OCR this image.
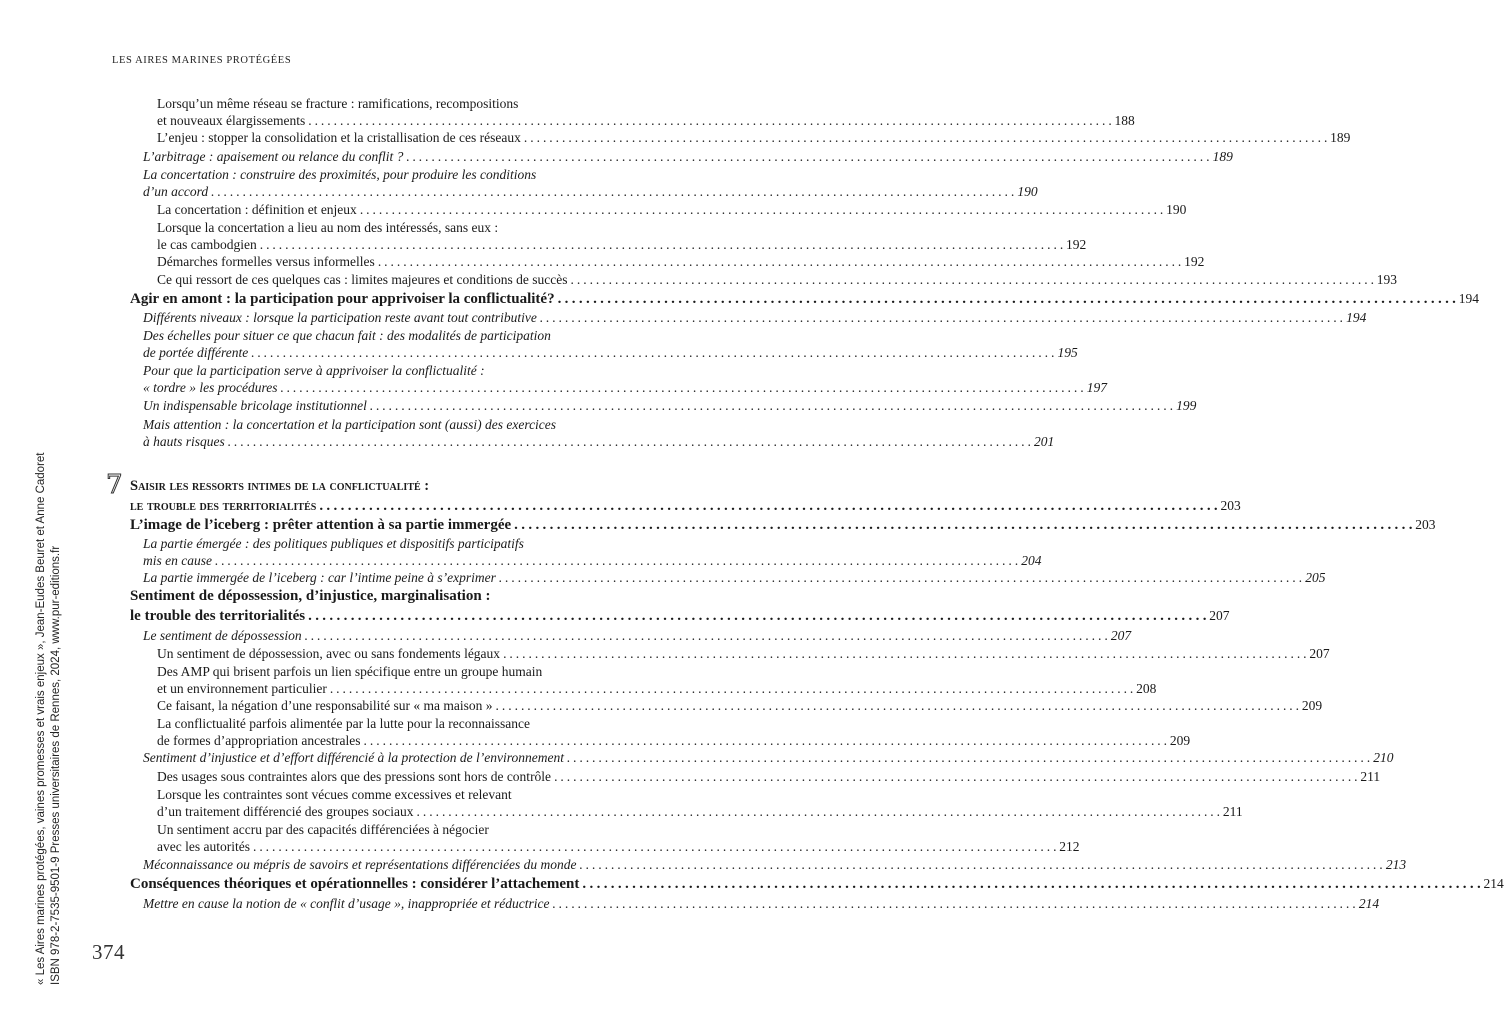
LES AIRES MARINES PROTÉGÉES
« Les Aires marines protégées, vaines promesses et vrais enjeux », Jean-Eudes Beuret et Anne Cadoret ISBN 978-2-7535-9501-9 Presses universitaires de Rennes, 2024, www.pur-editions.fr
7
Lorsqu’un même réseau se fracture : ramifications, recompositions
et nouveaux élargissements . . .	188
L’enjeu : stopper la consolidation et la cristallisation de ces réseaux . . .	189
L’arbitrage : apaisement ou relance du conflit ? . . .	189
La concertation : construire des proximités, pour produire les conditions
d’un accord . . .	190
La concertation : définition et enjeux . . .	190
Lorsque la concertation a lieu au nom des intéressés, sans eux :
le cas cambodgien . . .	192
Démarches formelles versus informelles . . .	192
Ce qui ressort de ces quelques cas : limites majeures et conditions de succès . . .	193
Agir en amont : la participation pour apprivoiser la conflictualité? . . .	194
Différents niveaux : lorsque la participation reste avant tout contributive . . .	194
Des échelles pour situer ce que chacun fait : des modalités de participation
de portée différente . . .	195
Pour que la participation serve à apprivoiser la conflictualité :
« tordre » les procédures . . .	197
Un indispensable bricolage institutionnel . . .	199
Mais attention : la concertation et la participation sont (aussi) des exercices
à hauts risques . . .	201
Saisir les ressorts intimes de la conflictualité :
le trouble des territorialités . . .	203
L’image de l’iceberg : prêter attention à sa partie immergée . . .	203
La partie émergée : des politiques publiques et dispositifs participatifs
mis en cause . . .	204
La partie immergée de l’iceberg : car l’intime peine à s’exprimer . . .	205
Sentiment de dépossession, d’injustice, marginalisation :
le trouble des territorialités . . .	207
Le sentiment de dépossession . . .	207
Un sentiment de dépossession, avec ou sans fondements légaux . . .	207
Des AMP qui brisent parfois un lien spécifique entre un groupe humain
et un environnement particulier . . .	208
Ce faisant, la négation d’une responsabilité sur « ma maison » . . .	209
La conflictualité parfois alimentée par la lutte pour la reconnaissance
de formes d’appropriation ancestrales . . .	209
Sentiment d’injustice et d’effort différencié à la protection de l’environnement . . .	210
Des usages sous contraintes alors que des pressions sont hors de contrôle . . .	211
Lorsque les contraintes sont vécues comme excessives et relevant
d’un traitement différencié des groupes sociaux . . .	211
Un sentiment accru par des capacités différenciées à négocier
avec les autorités . . .	212
Méconnaissance ou mépris de savoirs et représentations différenciées du monde . . .	213
Conséquences théoriques et opérationnelles : considérer l’attachement . . .	214
Mettre en cause la notion de « conflit d’usage », inappropriée et réductrice . . .	214
374
